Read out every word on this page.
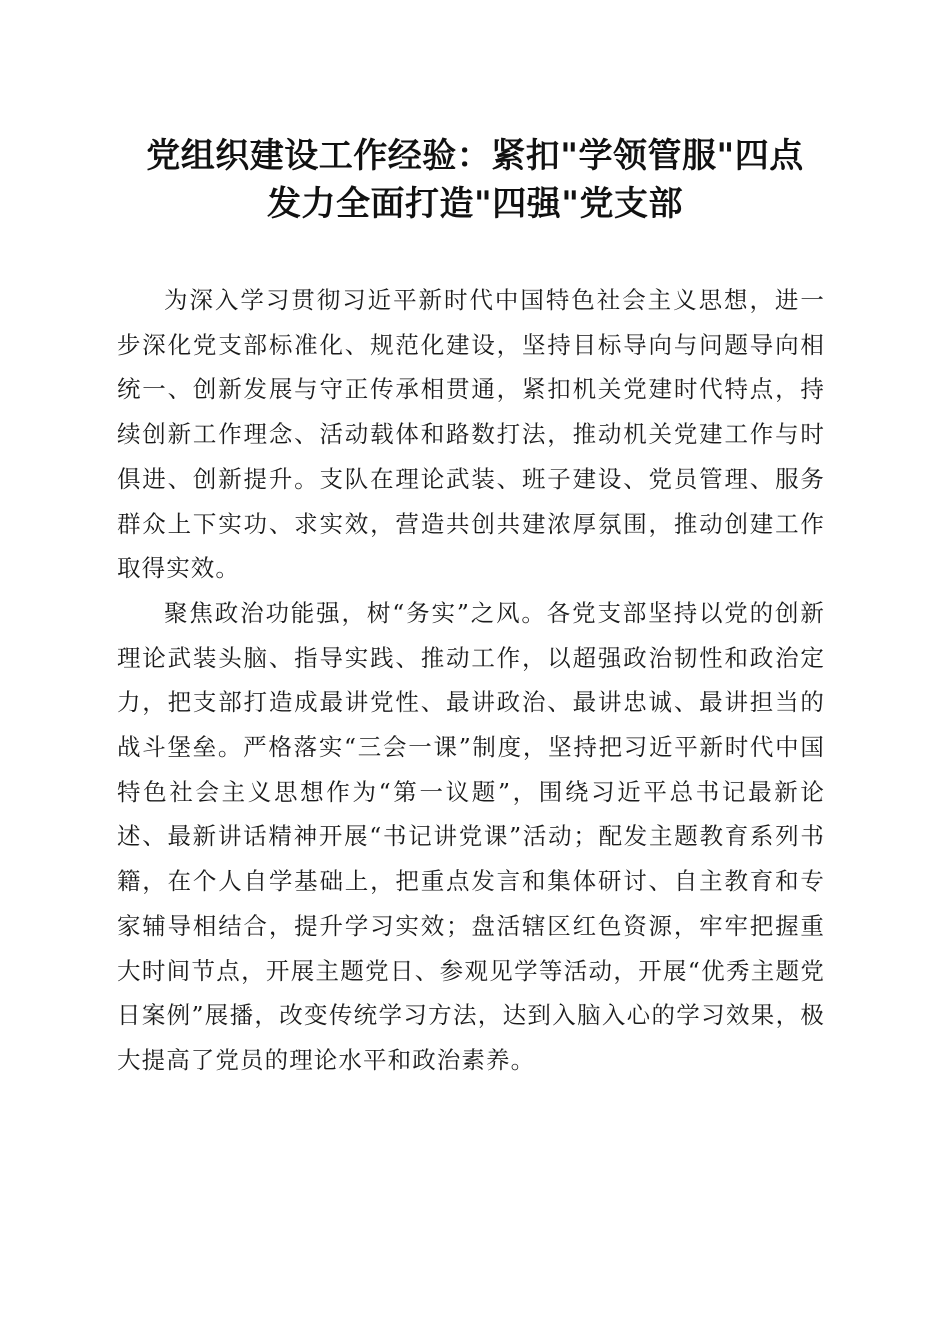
党组织建设工作经验：紧扣"学领管服"四点
发力全面打造"四强"党支部

为深入学习贯彻习近平新时代中国特色社会主义思想，进一步深化党支部标准化、规范化建设，坚持目标导向与问题导向相统一、创新发展与守正传承相贯通，紧扣机关党建时代特点，持续创新工作理念、活动载体和路数打法，推动机关党建工作与时俱进、创新提升。支队在理论武装、班子建设、党员管理、服务群众上下实功、求实效，营造共创共建浓厚氛围，推动创建工作取得实效。

聚焦政治功能强，树“务实”之风。各党支部坚持以党的创新理论武装头脑、指导实践、推动工作，以超强政治韧性和政治定力，把支部打造成最讲党性、最讲政治、最讲忠诚、最讲担当的战斗堡垒。严格落实“三会一课”制度，坚持把习近平新时代中国特色社会主义思想作为“第一议题”，围绕习近平总书记最新论述、最新讲话精神开展“书记讲党课”活动；配发主题教育系列书籍，在个人自学基础上，把重点发言和集体研讨、自主教育和专家辅导相结合，提升学习实效；盘活辖区红色资源，牢牢把握重大时间节点，开展主题党日、参观见学等活动，开展“优秀主题党日案例”展播，改变传统学习方法，达到入脑入心的学习效果，极大提高了党员的理论水平和政治素养。
